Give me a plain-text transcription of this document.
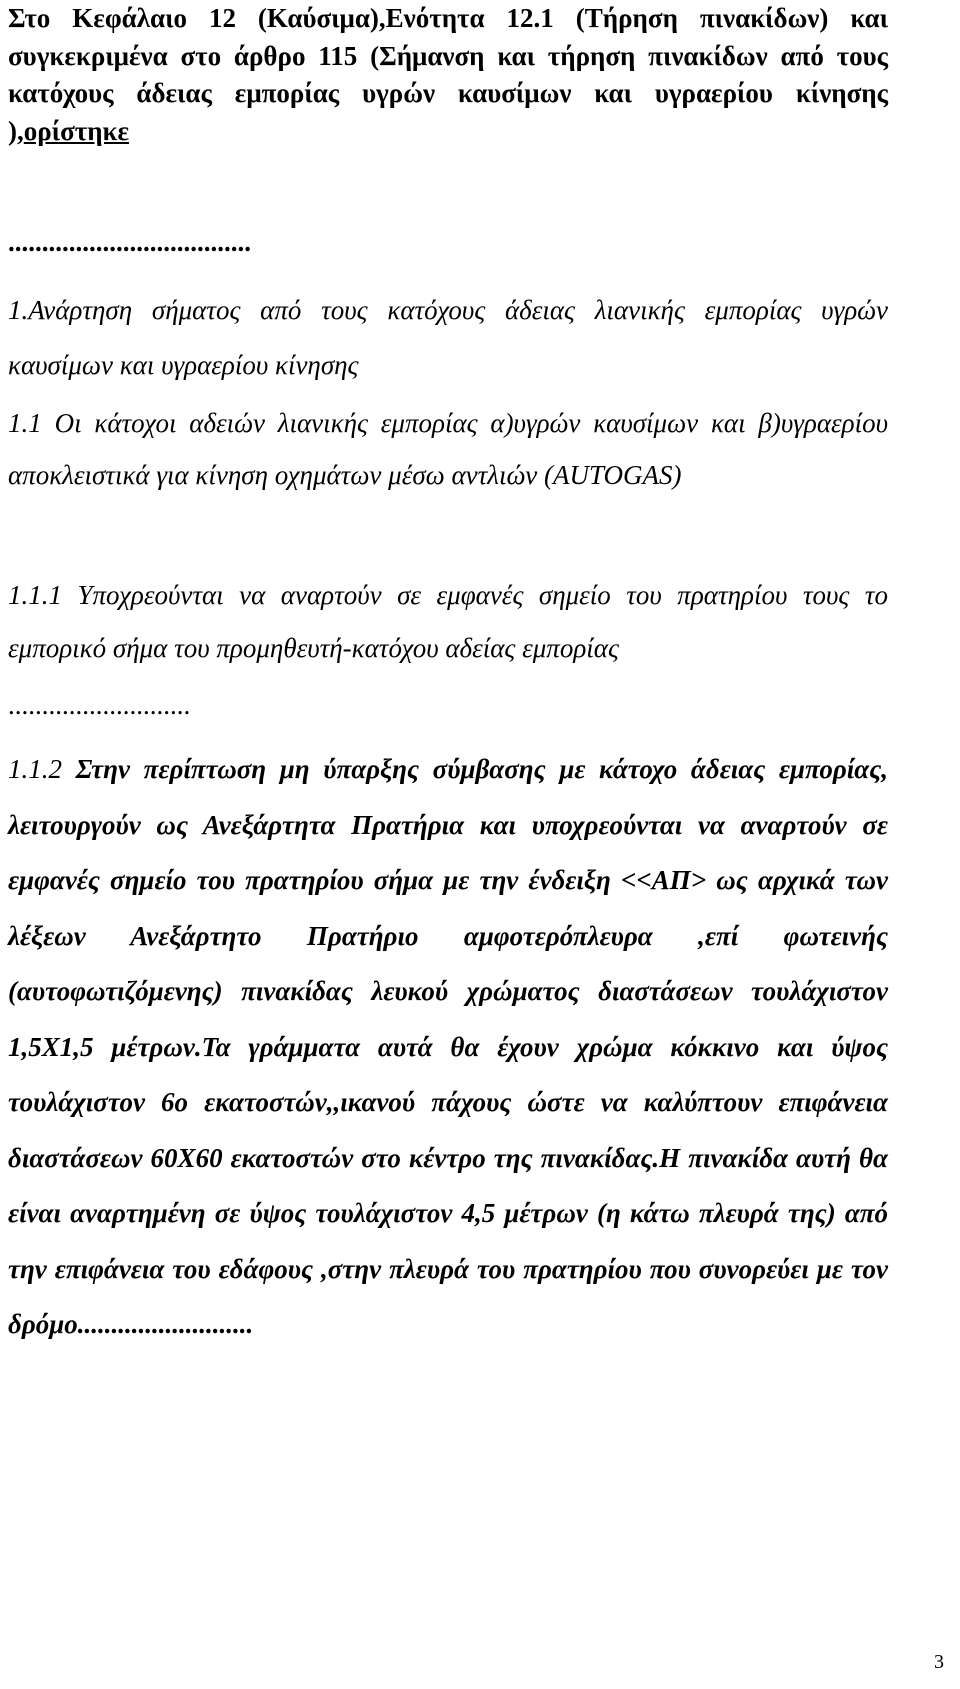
Στο Κεφάλαιο 12 (Καύσιμα),Ενότητα 12.1 (Τήρηση πινακίδων) και συγκεκριμένα στο άρθρο 115 (Σήμανση και τήρηση πινακίδων από τους κατόχους άδειας εμπορίας υγρών καυσίμων και υγραερίου κίνησης ),ορίστηκε

....................................

1.Ανάρτηση σήματος από τους κατόχους άδειας λιανικής εμπορίας υγρών καυσίμων και υγραερίου κίνησης

1.1 Οι κάτοχοι αδειών λιανικής εμπορίας α)υγρών καυσίμων και β)υγραερίου αποκλειστικά για κίνηση οχημάτων μέσω αντλιών (AUTOGAS)

1.1.1 Υποχρεούνται να αναρτούν σε εμφανές σημείο του πρατηρίου τους το εμπορικό σήμα του προμηθευτή-κατόχου αδείας εμπορίας

...........................

1.1.2 Στην περίπτωση μη ύπαρξης σύμβασης με κάτοχο άδειας εμπορίας, λειτουργούν ως Ανεξάρτητα Πρατήρια και υποχρεούνται να αναρτούν σε εμφανές σημείο του πρατηρίου σήμα με την ένδειξη <<ΑΠ> ως αρχικά των λέξεων Ανεξάρτητο Πρατήριο αμφοτερόπλευρα ,επί φωτεινής (αυτοφωτιζόμενης) πινακίδας λευκού χρώματος διαστάσεων τουλάχιστον 1,5Χ1,5 μέτρων.Τα γράμματα αυτά θα έχουν χρώμα κόκκινο και ύψος τουλάχιστον 6ο εκατοστών,,ικανού πάχους ώστε να καλύπτουν επιφάνεια διαστάσεων 60Χ60 εκατοστών στο κέντρο της πινακίδας.Η πινακίδα αυτή θα είναι αναρτημένη σε ύψος τουλάχιστον 4,5 μέτρων (η κάτω πλευρά της) από την επιφάνεια του εδάφους ,στην πλευρά του πρατηρίου που συνορεύει με τον δρόμο..........................

3
